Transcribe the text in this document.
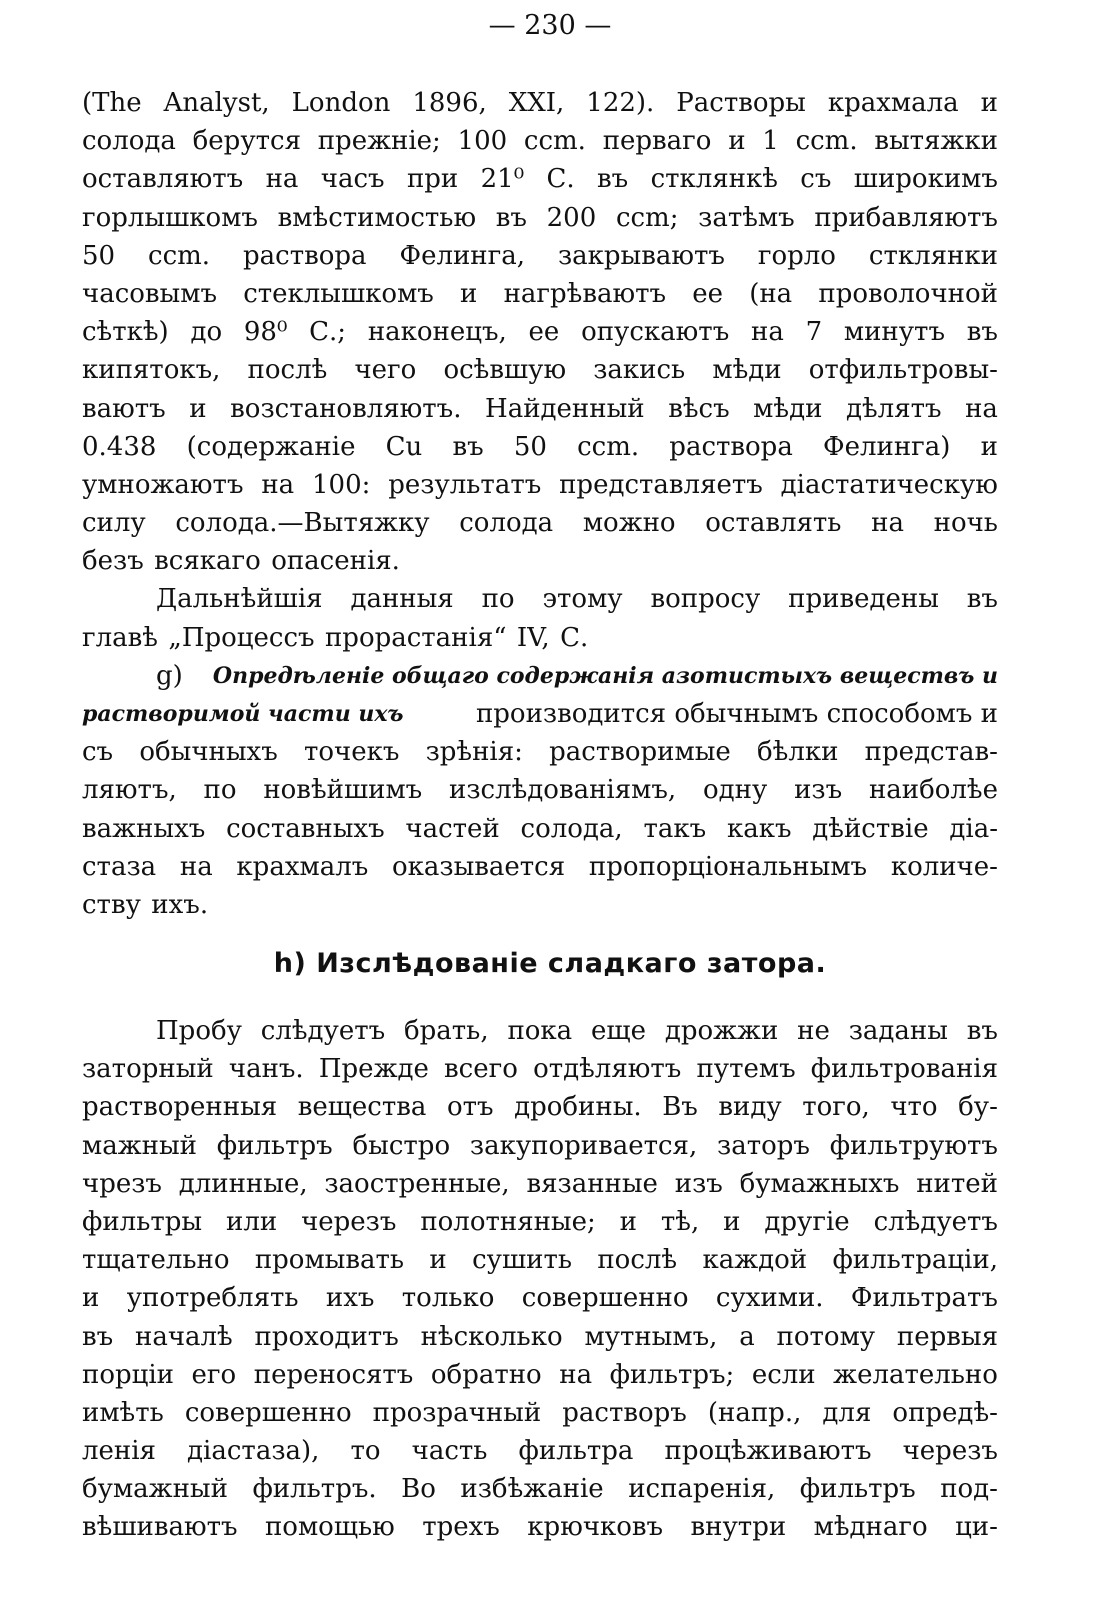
— 230 —
(The Analyst, London 1896, XXI, 122). Растворы крахмала и
солода берутся прежніе; 100 ccm. перваго и 1 ccm. вытяжки
оставляютъ на часъ при 21⁰ С. въ стклянкѣ съ широкимъ
горлышкомъ вмѣстимостью въ 200 ccm; затѣмъ прибавляютъ
50 ccm. раствора Фелинга, закрываютъ горло стклянки
часовымъ стеклышкомъ и нагрѣваютъ ее (на проволочной
сѣткѣ) до 98⁰ С.; наконецъ, ее опускаютъ на 7 минутъ въ
кипятокъ, послѣ чего осѣвшую закись мѣди отфильтровы-
ваютъ и возстановляютъ. Найденный вѣсъ мѣди дѣлятъ на
0.438 (содержаніе Cu въ 50 ccm. раствора Фелинга) и
умножаютъ на 100: результатъ представляетъ діастатическую
силу солода.—Вытяжку солода можно оставлять на ночь
безъ всякаго опасенія.
Дальнѣйшія данныя по этому вопросу приведены въ
главѣ „Процессъ прорастанія“ IV, С.
g) Опредѣленіе общаго содержанія азотистыхъ веществъ и
растворимой части ихъ	производится обычнымъ способомъ и
съ обычныхъ точекъ зрѣнія: растворимые бѣлки представ-
ляютъ, по новѣйшимъ изслѣдованіямъ, одну изъ наиболѣе
важныхъ составныхъ частей солода, такъ какъ дѣйствіе діа-
стаза на крахмалъ оказывается пропорціональнымъ количе-
ству ихъ.
h) Изслѣдованіе сладкаго затора.
Пробу слѣдуетъ брать, пока еще дрожжи не заданы въ
заторный чанъ. Прежде всего отдѣляютъ путемъ фильтрованія
растворенныя вещества отъ дробины. Въ виду того, что бу-
мажный фильтръ быстро закупоривается, заторъ фильтруютъ
чрезъ длинные, заостренные, вязанные изъ бумажныхъ нитей
фильтры или черезъ полотняные; и тѣ, и другіе слѣдуетъ
тщательно промывать и сушить послѣ каждой фильтраціи,
и употреблять ихъ только совершенно сухими. Фильтратъ
въ началѣ проходитъ нѣсколько мутнымъ, а потому первыя
порціи его переносятъ обратно на фильтръ; если желательно
имѣть совершенно прозрачный растворъ (напр., для опредѣ-
ленія діастаза), то часть фильтра процѣживаютъ черезъ
бумажный фильтръ. Во избѣжаніе испаренія, фильтръ под-
вѣшиваютъ помощью трехъ крючковъ внутри мѣднаго ци-
